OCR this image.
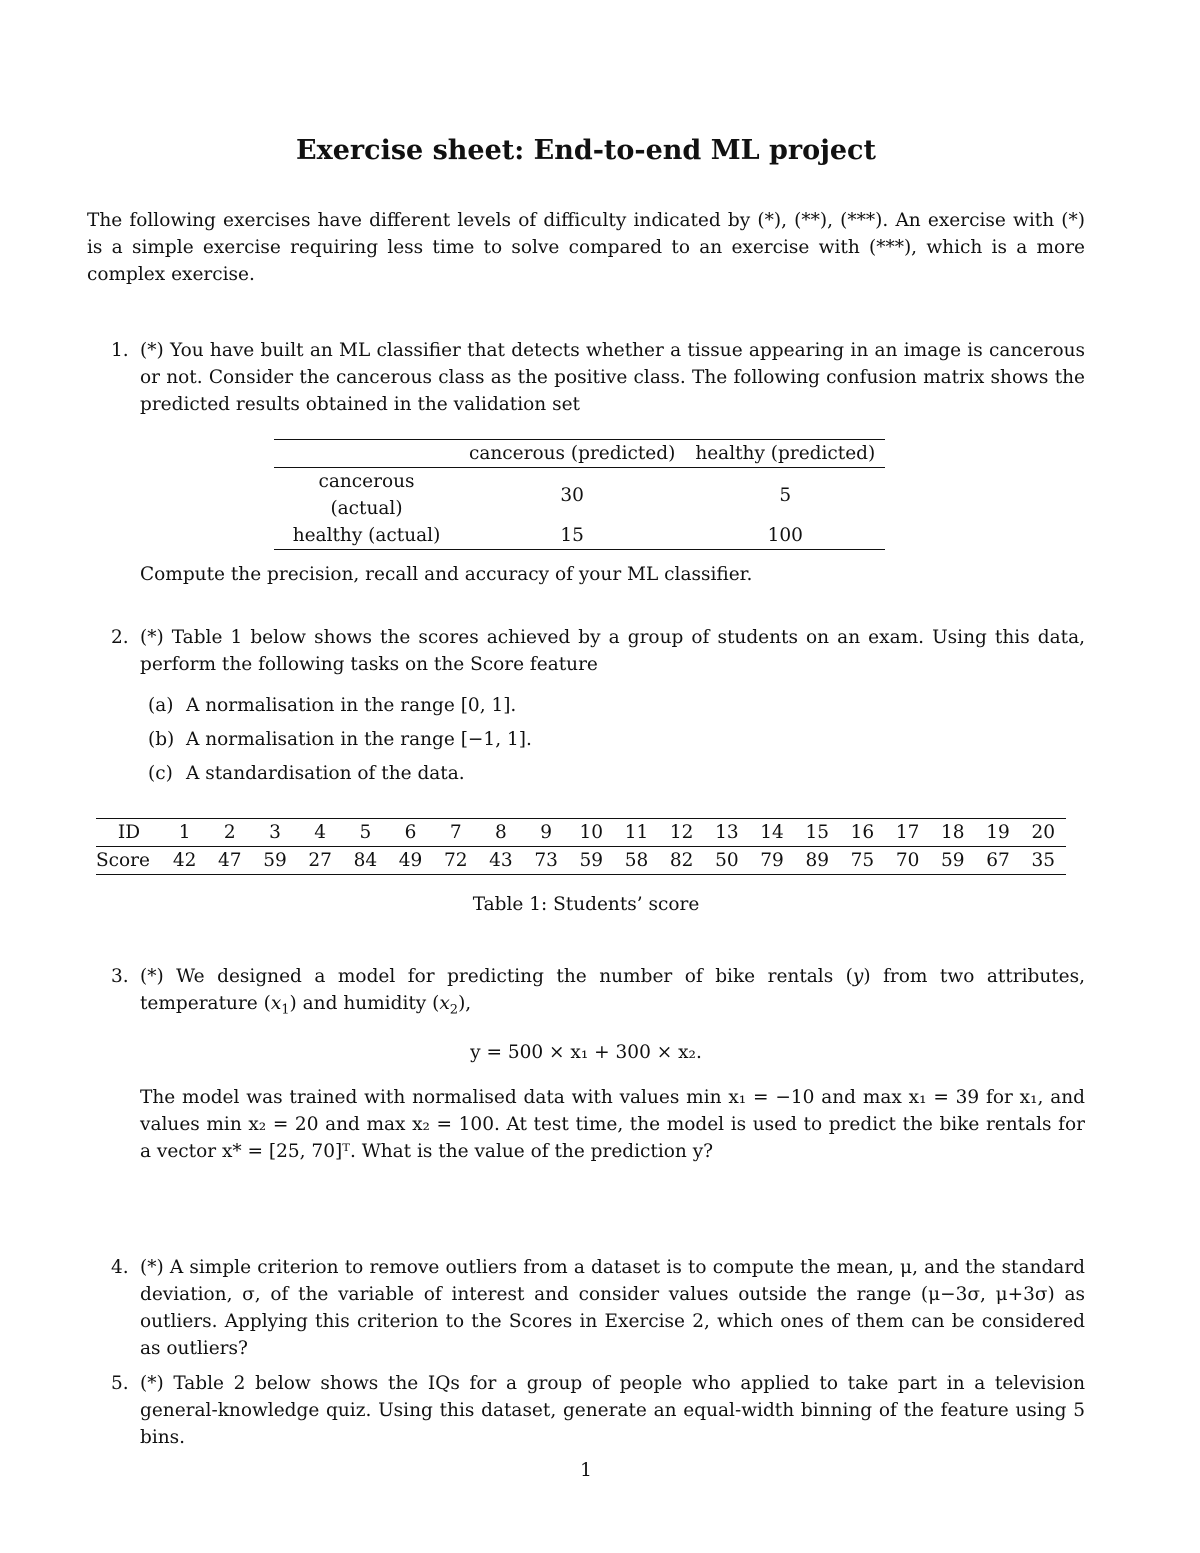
Exercise sheet: End-to-end ML project
The following exercises have different levels of difficulty indicated by (*), (**), (***). An exercise with (*) is a simple exercise requiring less time to solve compared to an exercise with (***), which is a more complex exercise.
1. (*) You have built an ML classifier that detects whether a tissue appearing in an image is cancerous or not. Consider the cancerous class as the positive class. The following confusion matrix shows the predicted results obtained in the validation set
	cancerous (predicted)	healthy (predicted)
cancerous (actual)	30	5
healthy (actual)	15	100
Compute the precision, recall and accuracy of your ML classifier.
2. (*) Table 1 below shows the scores achieved by a group of students on an exam. Using this data, perform the following tasks on the Score feature
(a) A normalisation in the range [0, 1].
(b) A normalisation in the range [−1, 1].
(c) A standardisation of the data.
ID	1	2	3	4	5	6	7	8	9	10	11	12	13	14	15	16	17	18	19	20
Score	42	47	59	27	84	49	72	43	73	59	58	82	50	79	89	75	70	59	67	35
Table 1: Students’ score
3. (*) We designed a model for predicting the number of bike rentals (y) from two attributes, temperature $(x_1)$ and humidity $(x_2)$,
y = 500 × x₁ + 300 × x₂.
The model was trained with normalised data with values min x₁ = −10 and max x₁ = 39 for x₁, and values min x₂ = 20 and max x₂ = 100. At test time, the model is used to predict the bike rentals for a vector x* = [25, 70]ᵀ. What is the value of the prediction y?
4. (*) A simple criterion to remove outliers from a dataset is to compute the mean, μ, and the standard deviation, σ, of the variable of interest and consider values outside the range (μ−3σ, μ+3σ) as outliers. Applying this criterion to the Scores in Exercise 2, which ones of them can be considered as outliers?
5. (*) Table 2 below shows the IQs for a group of people who applied to take part in a television general-knowledge quiz. Using this dataset, generate an equal-width binning of the feature using 5 bins.
1
